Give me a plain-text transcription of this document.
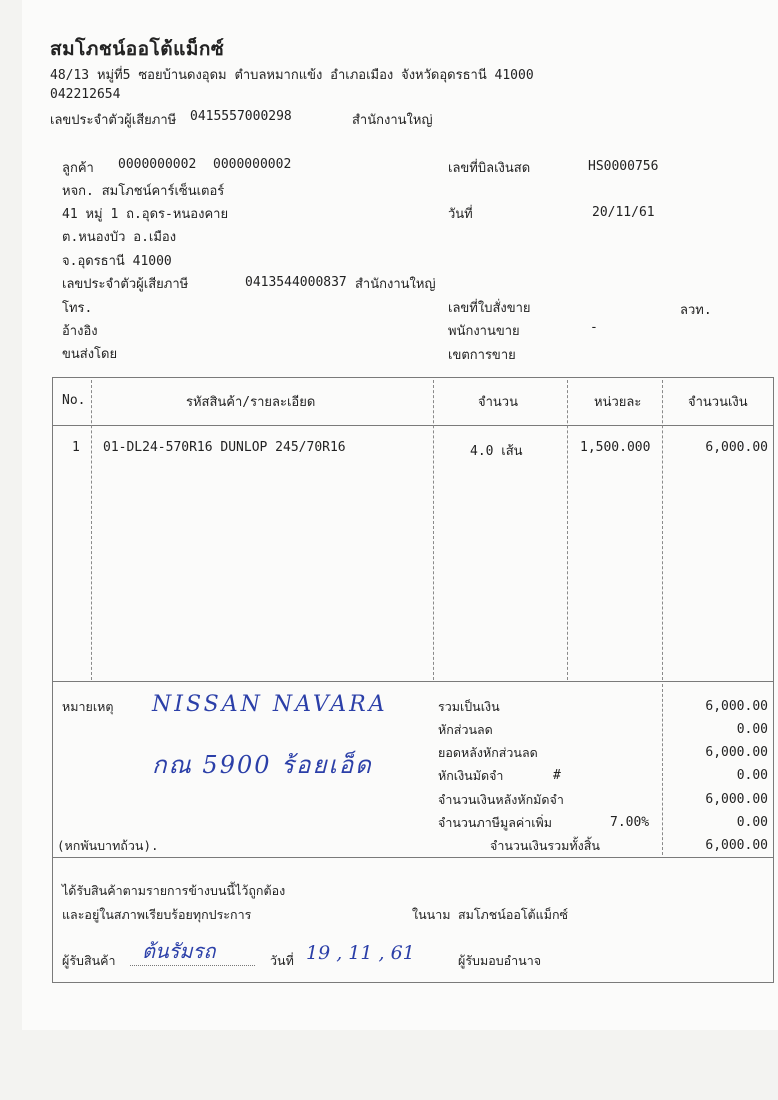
สมโภชน์ออโต้แม็กซ์
48/13 หมู่ที่5 ซอยบ้านดงอุดม ตำบลหมากแข้ง อำเภอเมือง จังหวัดอุดรธานี 41000
042212654
เลขประจำตัวผู้เสียภาษี 0415557000298	สำนักงานใหญ่
ลูกค้า 0000000002 0000000002
หจก. สมโภชน์คาร์เซ็นเตอร์
41 หมู่ 1 ถ.อุดร-หนองคาย
ต.หนองบัว อ.เมือง
จ.อุดรธานี 41000
เลขประจำตัวผู้เสียภาษี	0413544000837 สำนักงานใหญ่
โทร.
อ้างอิง
ขนส่งโดย
เลขที่บิลเงินสด	HS0000756
วันที่	20/11/61
เลขที่ใบสั่งขาย	ลวท.
พนักงานขาย	-
เขตการขาย
No.	รหัสสินค้า/รายละเอียด	จำนวน	หน่วยละ	จำนวนเงิน
1 01-DL24-570R16 DUNLOP 245/70R16	4.0 เส้น	1,500.000	6,000.00
หมายเหตุ NISSAN NAVARA
กณ 5900 ร้อยเอ็ด
(หกพันบาทถ้วน).
รวมเป็นเงิน	6,000.00
หักส่วนลด	0.00
ยอดหลังหักส่วนลด	6,000.00
หักเงินมัดจำ	#	0.00
จำนวนเงินหลังหักมัดจำ	6,000.00
จำนวนภาษีมูลค่าเพิ่ม	7.00%	0.00
จำนวนเงินรวมทั้งสิ้น	6,000.00
ได้รับสินค้าตามรายการข้างบนนี้ไว้ถูกต้อง
และอยู่ในสภาพเรียบร้อยทุกประการ	ในนาม สมโภชน์ออโต้แม็กซ์
ผู้รับสินค้า ต้นรัมรถ	วันที่ 19 , 11 , 61	ผู้รับมอบอำนาจ
